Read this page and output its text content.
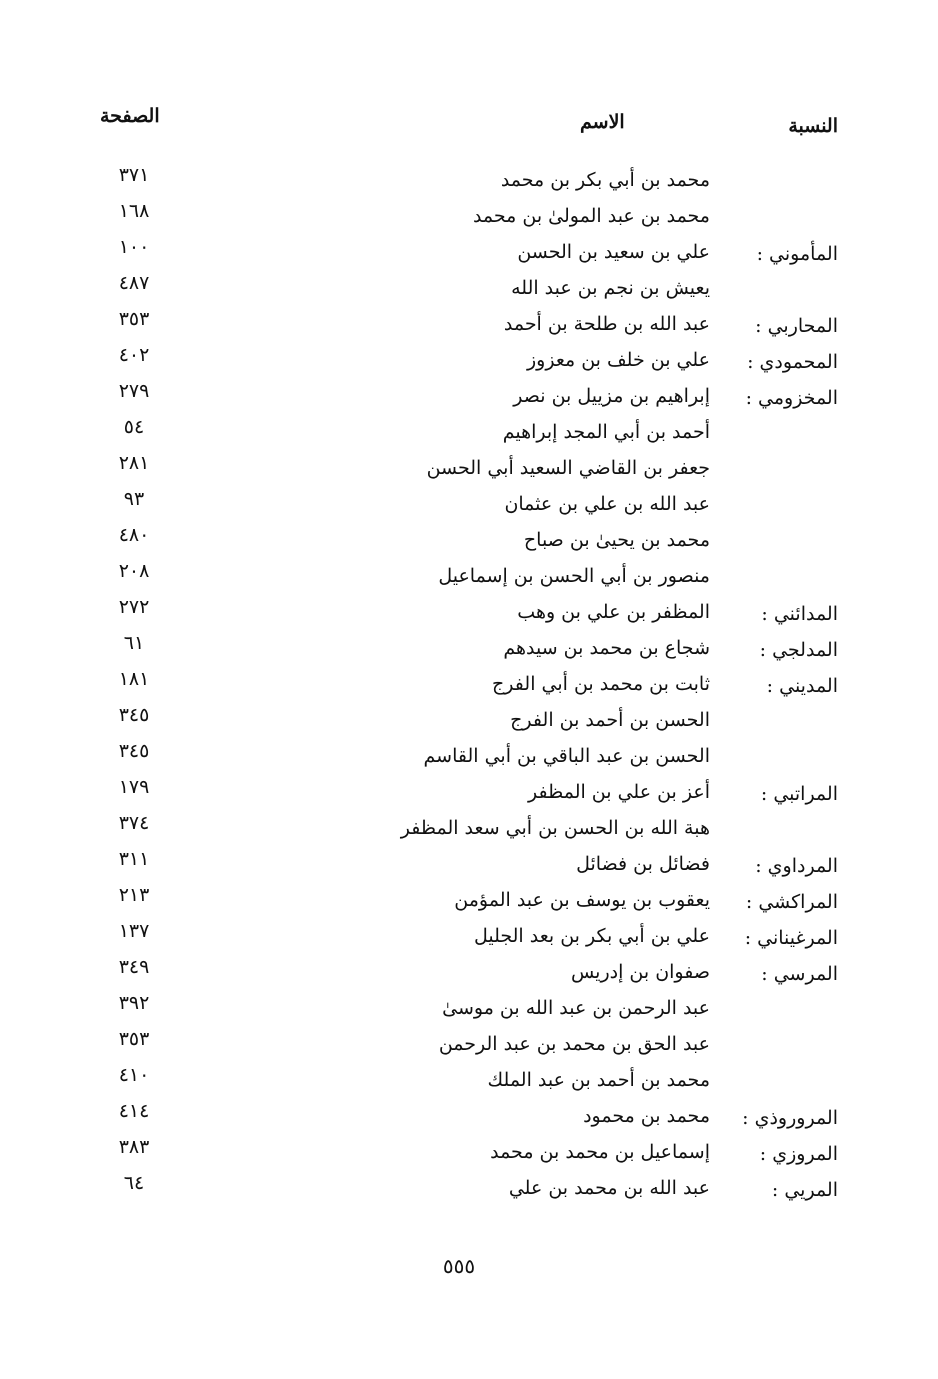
النسبة
الاسم
الصفحة
محمد بن أبي بكر بن محمد
٣٧١
محمد بن عبد المولىٰ بن محمد
١٦٨
المأموني :
علي بن سعيد بن الحسن
١٠٠
يعيش بن نجم بن عبد الله
٤٨٧
المحاربي :
عبد الله بن طلحة بن أحمد
٣٥٣
المحمودي :
علي بن خلف بن معزوز
٤٠٢
المخزومي :
إبراهيم بن مزييل بن نصر
٢٧٩
أحمد بن أبي المجد إبراهيم
٥٤
جعفر بن القاضي السعيد أبي الحسن
٢٨١
عبد الله بن علي بن عثمان
٩٣
محمد بن يحيىٰ بن صباح
٤٨٠
منصور بن أبي الحسن بن إسماعيل
٢٠٨
المدائني :
المظفر بن علي بن وهب
٢٧٢
المدلجي :
شجاع بن محمد بن سيدهم
٦١
المديني :
ثابت بن محمد بن أبي الفرج
١٨١
الحسن بن أحمد بن الفرج
٣٤٥
الحسن بن عبد الباقي بن أبي القاسم
٣٤٥
المراتبي :
أعز بن علي بن المظفر
١٧٩
هبة الله بن الحسن بن أبي سعد المظفر
٣٧٤
المرداوي :
فضائل بن فضائل
٣١١
المراكشي :
يعقوب بن يوسف بن عبد المؤمن
٢١٣
المرغيناني :
علي بن أبي بكر بن بعد الجليل
١٣٧
المرسي :
صفوان بن إدريس
٣٤٩
عبد الرحمن بن عبد الله بن موسىٰ
٣٩٢
عبد الحق بن محمد بن عبد الرحمن
٣٥٣
محمد بن أحمد بن عبد الملك
٤١٠
المروروذي :
محمد بن محمود
٤١٤
المروزي :
إسماعيل بن محمد بن محمد
٣٨٣
المريي :
عبد الله بن محمد بن علي
٦٤
٥٥٥
